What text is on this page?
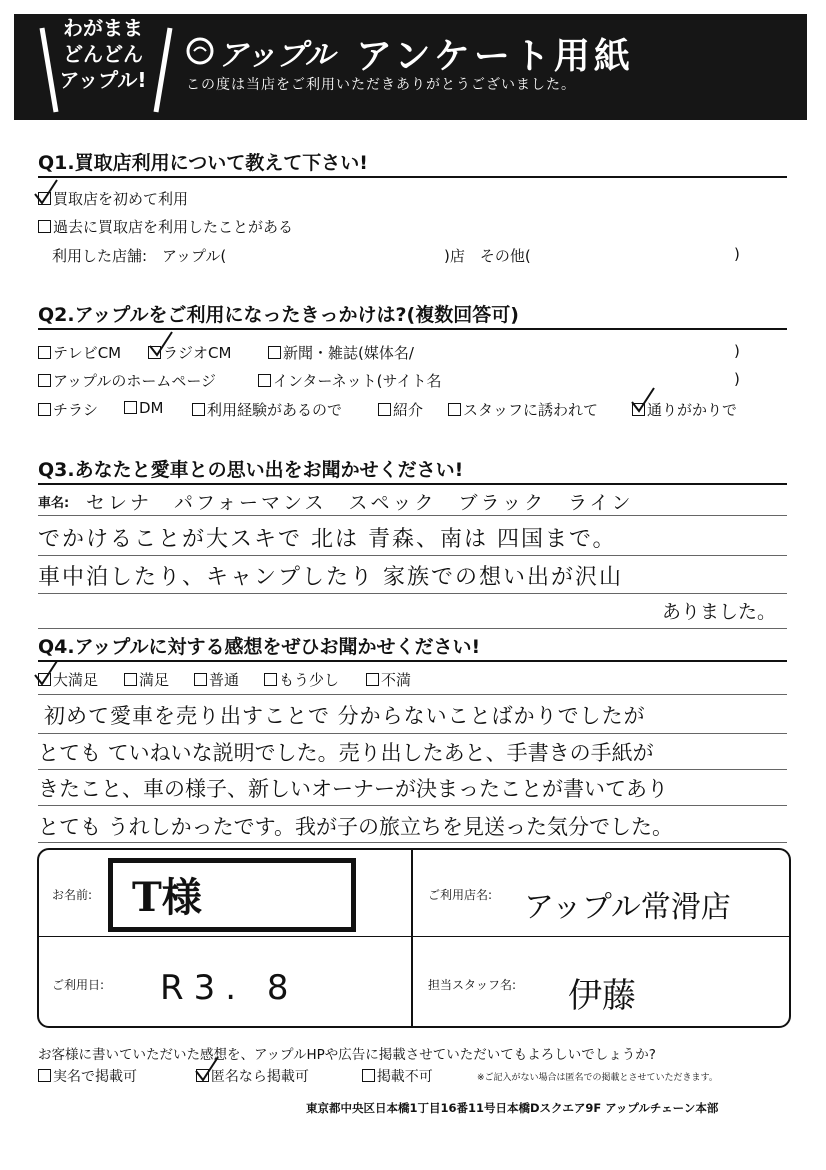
わがまま
どんどん
アップル!
アップル アンケート用紙
この度は当店をご利用いただきありがとうございました。
Q1.買取店利用について教えて下さい!
買取店を初めて利用
過去に買取店を利用したことがある
利用した店舗:　アップル(	)店　その他(	)
Q2.アップルをご利用になったきっかけは?(複数回答可)
テレビCM	ラジオCM	新聞・雑誌(媒体名/	)
アップルのホームページ	インターネット(サイト名	)
チラシ	DM	利用経験があるので	紹介	スタッフに誘われて	通りがかりで
Q3.あなたと愛車との思い出をお聞かせください!
車名: セレナ　パフォーマンス　スペック　ブラック　ライン
でかけることが大スキで 北は 青森、南は 四国まで。
車中泊したり、キャンプしたり 家族での想い出が沢山
ありました。
Q4.アップルに対する感想をぜひお聞かせください!
大満足	満足	普通	もう少し	不満
初めて愛車を売り出すことで 分からないことばかりでしたが
とても ていねいな説明でした。売り出したあと、手書きの手紙が
きたこと、車の様子、新しいオーナーが決まったことが書いてあり
とても うれしかったです。我が子の旅立ちを見送った気分でした。
お名前: T様	ご利用店名: アップル常滑店
ご利用日: R3. 8	担当スタッフ名: 伊藤
お客様に書いていただいた感想を、アップルHPや広告に掲載させていただいてもよろしいでしょうか?
実名で掲載可	匿名なら掲載可	掲載不可	※ご記入がない場合は匿名での掲載とさせていただきます。
東京都中央区日本橋1丁目16番11号日本橋Dスクエア9F アップルチェーン本部
